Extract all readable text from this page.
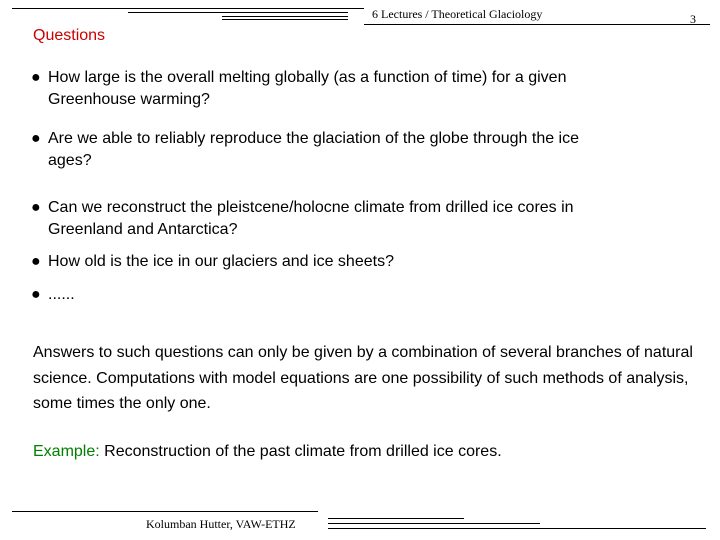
6 Lectures / Theoretical Glaciology	3
Questions
● How large is the overall melting globally (as a function of time) for a given
Greenhouse warming?
● Are we able to reliably reproduce the glaciation of the globe through the ice
ages?
● Can we reconstruct the pleistcene/holocne climate from drilled ice cores in
Greenland and Antarctica?
● How old is the ice in our glaciers and ice sheets?
● ......
Answers to such questions can only be given by a combination of several branches of natural science. Computations with model equations are one possibility of such methods of analysis, some times the only one.
Example: Reconstruction of the past climate from drilled ice cores.
Kolumban Hutter, VAW-ETHZ
